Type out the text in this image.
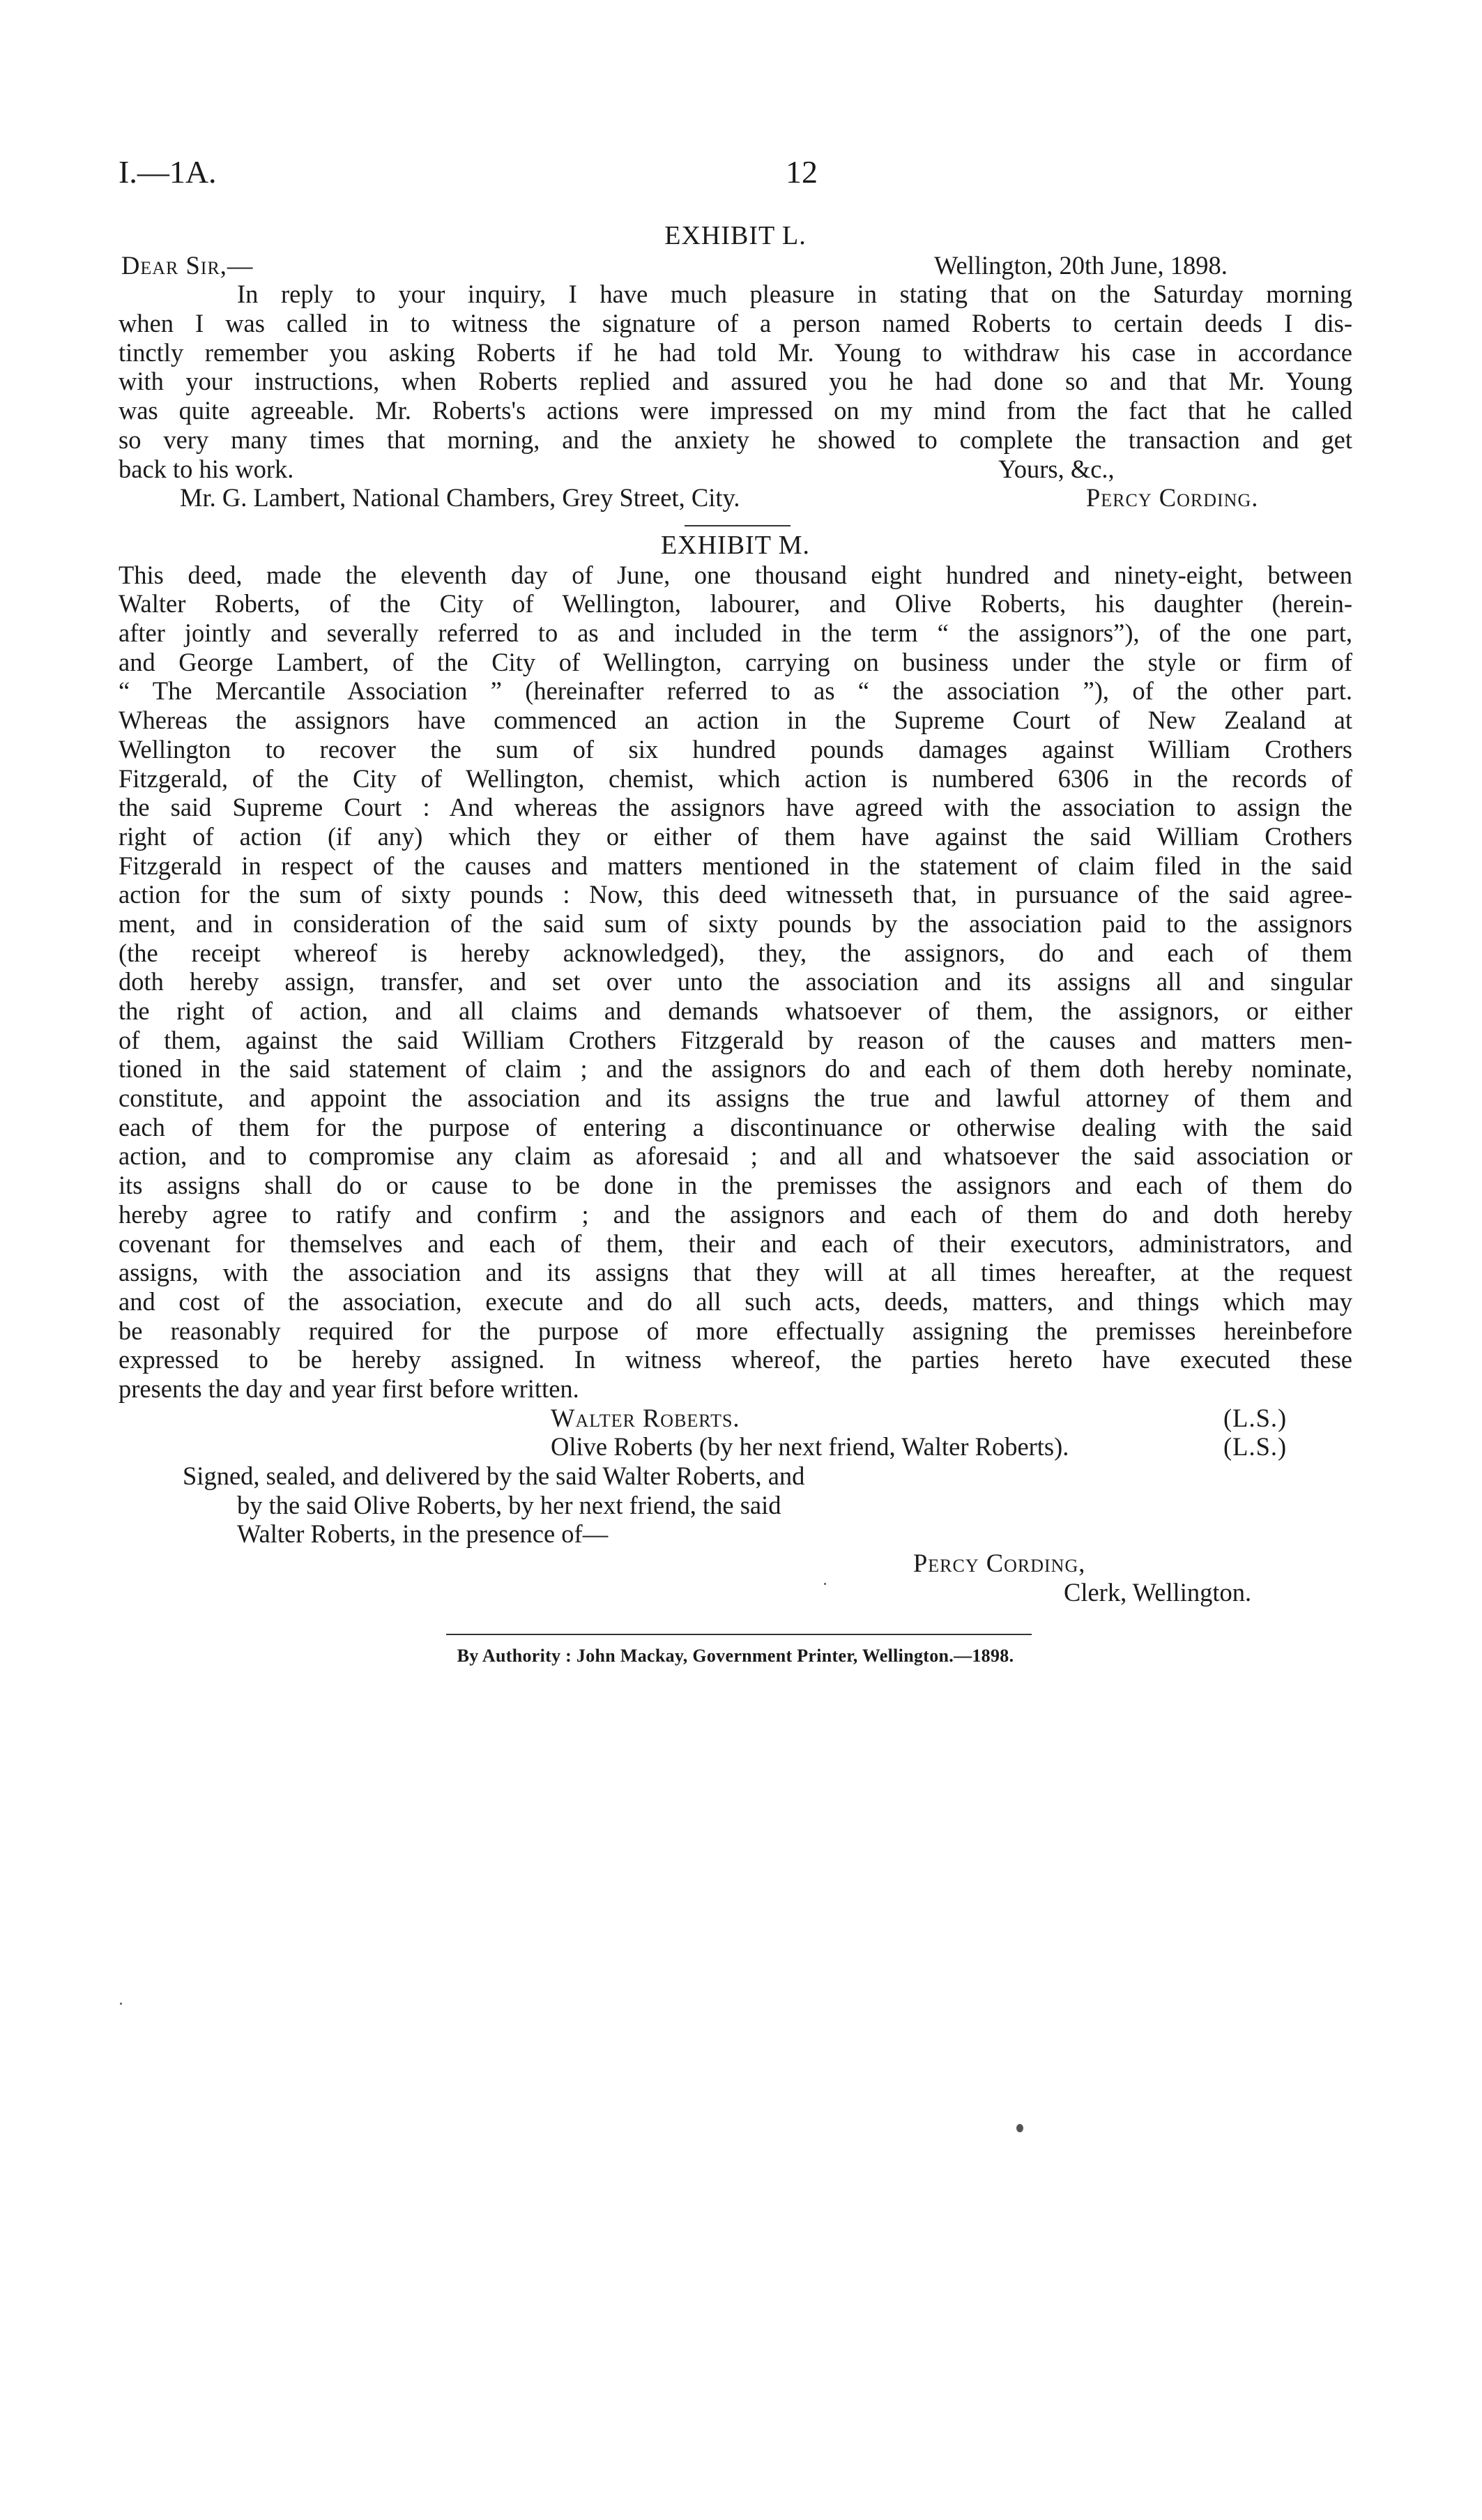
I.—1A.	12
EXHIBIT L.
Dear Sir,—	Wellington, 20th June, 1898.
In reply to your inquiry, I have much pleasure in stating that on the Saturday morning
when I was called in to witness the signature of a person named Roberts to certain deeds I dis-
tinctly remember you asking Roberts if he had told Mr. Young to withdraw his case in accordance
with your instructions, when Roberts replied and assured you he had done so and that Mr. Young
was quite agreeable. Mr. Roberts's actions were impressed on my mind from the fact that he called
so very many times that morning, and the anxiety he showed to complete the transaction and get
back to his work.	Yours, &c.,
Mr. G. Lambert, National Chambers, Grey Street, City.	Percy Cording.
EXHIBIT M.
This deed, made the eleventh day of June, one thousand eight hundred and ninety-eight, between
Walter Roberts, of the City of Wellington, labourer, and Olive Roberts, his daughter (herein-
after jointly and severally referred to as and included in the term “ the assignors”), of the one part,
and George Lambert, of the City of Wellington, carrying on business under the style or firm of
“ The Mercantile Association ” (hereinafter referred to as “ the association ”), of the other part.
Whereas the assignors have commenced an action in the Supreme Court of New Zealand at
Wellington to recover the sum of six hundred pounds damages against William Crothers
Fitzgerald, of the City of Wellington, chemist, which action is numbered 6306 in the records of
the said Supreme Court : And whereas the assignors have agreed with the association to assign the
right of action (if any) which they or either of them have against the said William Crothers
Fitzgerald in respect of the causes and matters mentioned in the statement of claim filed in the said
action for the sum of sixty pounds : Now, this deed witnesseth that, in pursuance of the said agree-
ment, and in consideration of the said sum of sixty pounds by the association paid to the assignors
(the receipt whereof is hereby acknowledged), they, the assignors, do and each of them
doth hereby assign, transfer, and set over unto the association and its assigns all and singular
the right of action, and all claims and demands whatsoever of them, the assignors, or either
of them, against the said William Crothers Fitzgerald by reason of the causes and matters men-
tioned in the said statement of claim ; and the assignors do and each of them doth hereby nominate,
constitute, and appoint the association and its assigns the true and lawful attorney of them and
each of them for the purpose of entering a discontinuance or otherwise dealing with the said
action, and to compromise any claim as aforesaid ; and all and whatsoever the said association or
its assigns shall do or cause to be done in the premisses the assignors and each of them do
hereby agree to ratify and confirm ; and the assignors and each of them do and doth hereby
covenant for themselves and each of them, their and each of their executors, administrators, and
assigns, with the association and its assigns that they will at all times hereafter, at the request
and cost of the association, execute and do all such acts, deeds, matters, and things which may
be reasonably required for the purpose of more effectually assigning the premisses hereinbefore
expressed to be hereby assigned. In witness whereof, the parties hereto have executed these
presents the day and year first before written.
Walter Roberts.	(L.S.)
Olive Roberts (by her next friend, Walter Roberts).	(L.S.)
Signed, sealed, and delivered by the said Walter Roberts, and
by the said Olive Roberts, by her next friend, the said
Walter Roberts, in the presence of—
Percy Cording,
Clerk, Wellington.
By Authority : John Mackay, Government Printer, Wellington.—1898.
